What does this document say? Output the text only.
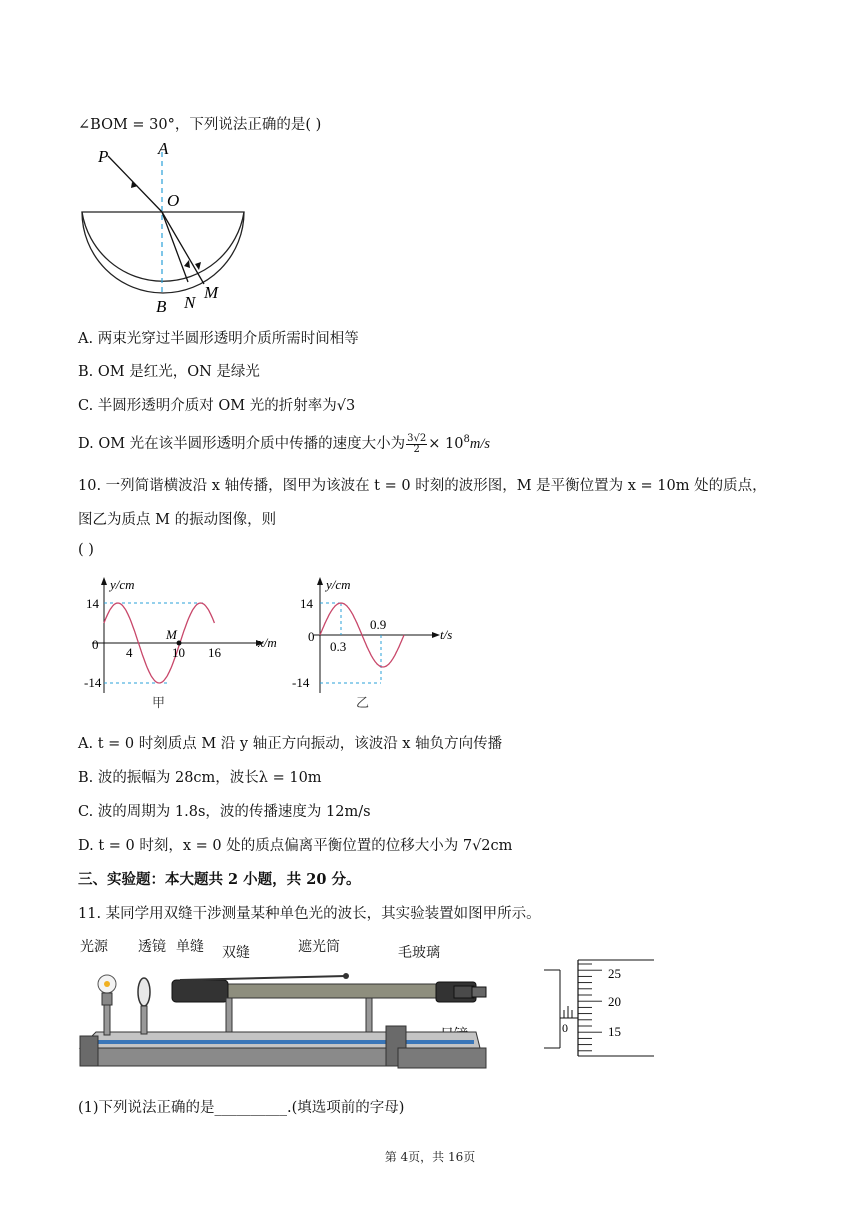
∠BOM = 30°，下列说法正确的是( )
P	A
O
B N
M
A. 两束光穿过半圆形透明介质所需时间相等
B. OM 是红光，ON 是绿光
C. 半圆形透明介质对 OM 光的折射率为√3
D. OM 光在该半圆形透明介质中传播的速度大小为 $\frac{3√2}{2} \times 10^8m/s$
10. 一列简谐横波沿 x 轴传播，图甲为该波在 t = 0 时刻的波形图，M 是平衡位置为 x = 10m 处的质点，
图乙为质点 M 的振动图像，则
( )
y/cm
14
0
-14
4	10 16
M
x/m
甲
y/cm
14
0
-14
0.3
0.9
t/s
乙
A. t = 0 时刻质点 M 沿 y 轴正方向振动，该波沿 x 轴负方向传播
B. 波的振幅为 28cm，波长λ = 10m
C. 波的周期为 1.8s，波的传播速度为 12m/s
D. t = 0 时刻，x = 0 处的质点偏离平衡位置的位移大小为 7√2cm
三、实验题：本大题共 2 小题，共 20 分。
11. 某同学用双缝干涉测量某种单色光的波长，其实验装置如图甲所示。
光源 透镜 单缝 双缝	遮光筒	毛玻璃
25
20
15
0
(1)下列说法正确的是__________.(填选项前的字母)
第 4页，共 16页
